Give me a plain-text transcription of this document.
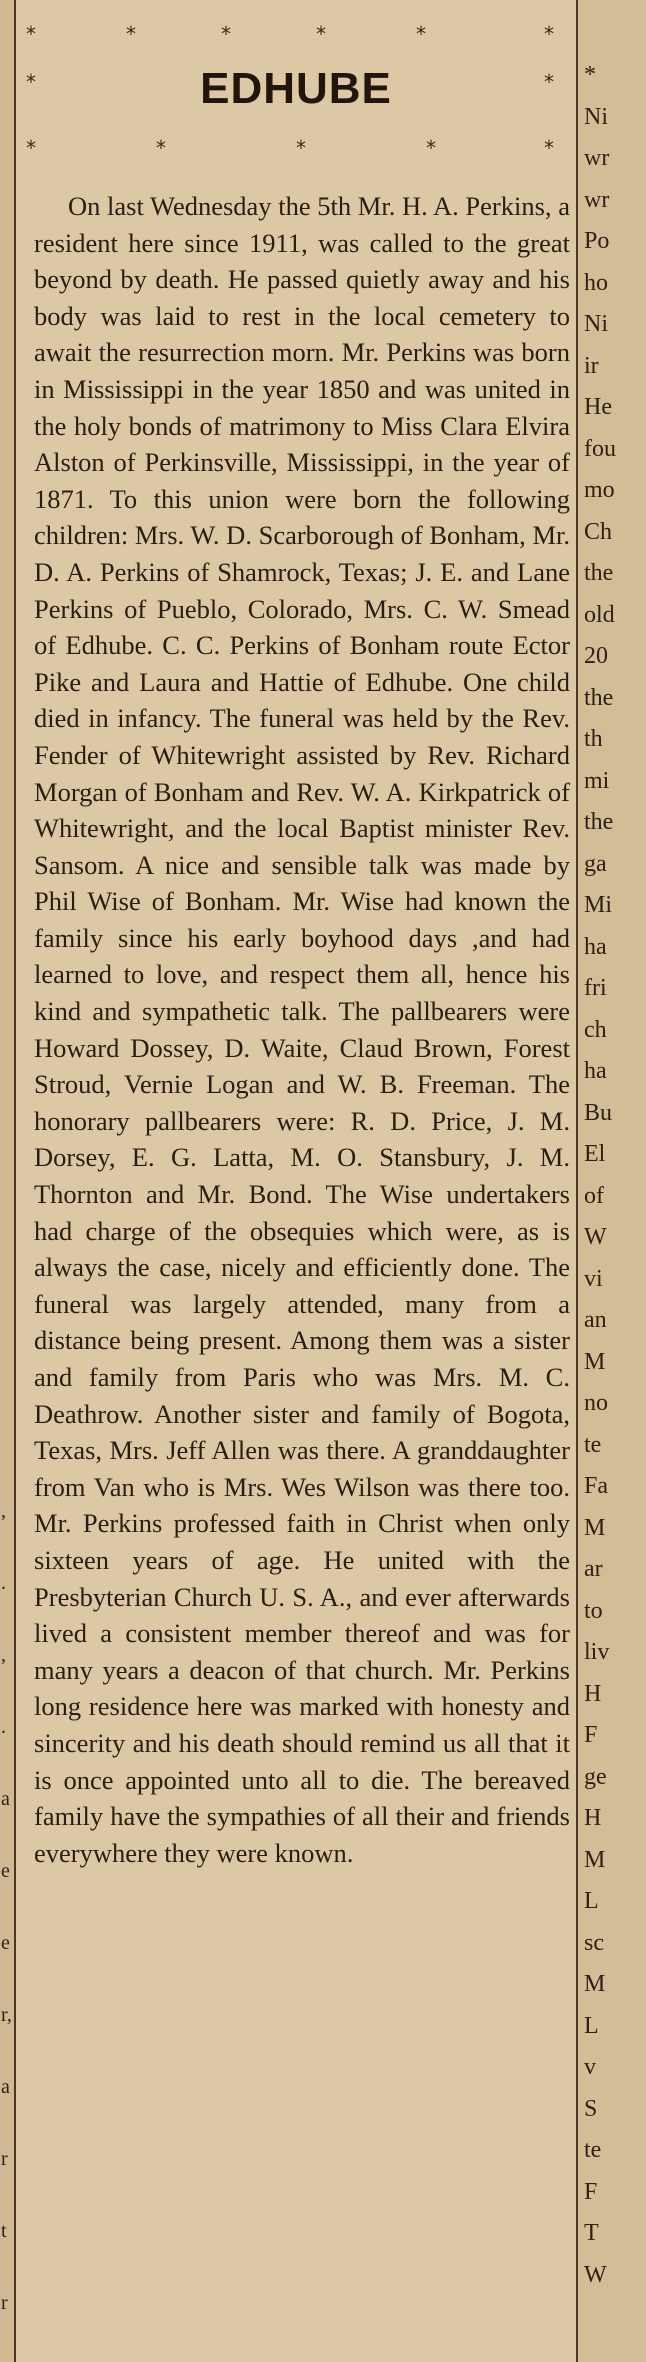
*	*	*	*	*	*
*	*
*	*	*	*	*
EDHUBE

On last Wednesday the 5th Mr. H. A. Perkins, a resident here since 1911, was called to the great beyond by death. He passed quietly away and his body was laid to rest in the local cemetery to await the resurrection morn. Mr. Perkins was born in Mississippi in the year 1850 and was united in the holy bonds of matrimony to Miss Clara Elvira Alston of Perkinsville, Mississippi, in the year of 1871. To this union were born the following children: Mrs. W. D. Scarborough of Bonham, Mr. D. A. Perkins of Shamrock, Texas; J. E. and Lane Perkins of Pueblo, Colorado, Mrs. C. W. Smead of Edhube. C. C. Perkins of Bonham route Ector Pike and Laura and Hattie of Edhube. One child died in infancy. The funeral was held by the Rev. Fender of Whitewright assisted by Rev. Richard Morgan of Bonham and Rev. W. A. Kirkpatrick of Whitewright, and the local Baptist minister Rev. Sansom. A nice and sensible talk was made by Phil Wise of Bonham. Mr. Wise had known the family since his early boyhood days ,and had learned to love, and respect them all, hence his kind and sympathetic talk. The pallbearers were Howard Dossey, D. Waite, Claud Brown, Forest Stroud, Vernie Logan and W. B. Freeman. The honorary pallbearers were: R. D. Price, J. M. Dorsey, E. G. Latta, M. O. Stansbury, J. M. Thornton and Mr. Bond. The Wise undertakers had charge of the obsequies which were, as is always the case, nicely and efficiently done. The funeral was largely attended, many from a distance being present. Among them was a sister and family from Paris who was Mrs. M. C. Deathrow. Another sister and family of Bogota, Texas, Mrs. Jeff Allen was there. A granddaughter from Van who is Mrs. Wes Wilson was there too. Mr. Perkins professed faith in Christ when only sixteen years of age. He united with the Presbyterian Church U. S. A., and ever afterwards lived a consistent member thereof and was for many years a deacon of that church. Mr. Perkins long residence here was marked with honesty and sincerity and his death should remind us all that it is once appointed unto all to die. The bereaved family have the sympathies of all their and friends everywhere they were known.

*
Ni
wr
wr
Po
ho
Ni
ir
He
fou
mo
Ch
the
old
20
the
th
mi
the
ga
Mi
ha
fri
ch
ha
Bu
El
of
W
vi
an
M
no
te
Fa
M
ar
to
liv
H
F
ge
H
M
L
sc
M
L
v
S
te
F
T
W
,
.
,
.
a
e
e
r,
a
r
t
r
